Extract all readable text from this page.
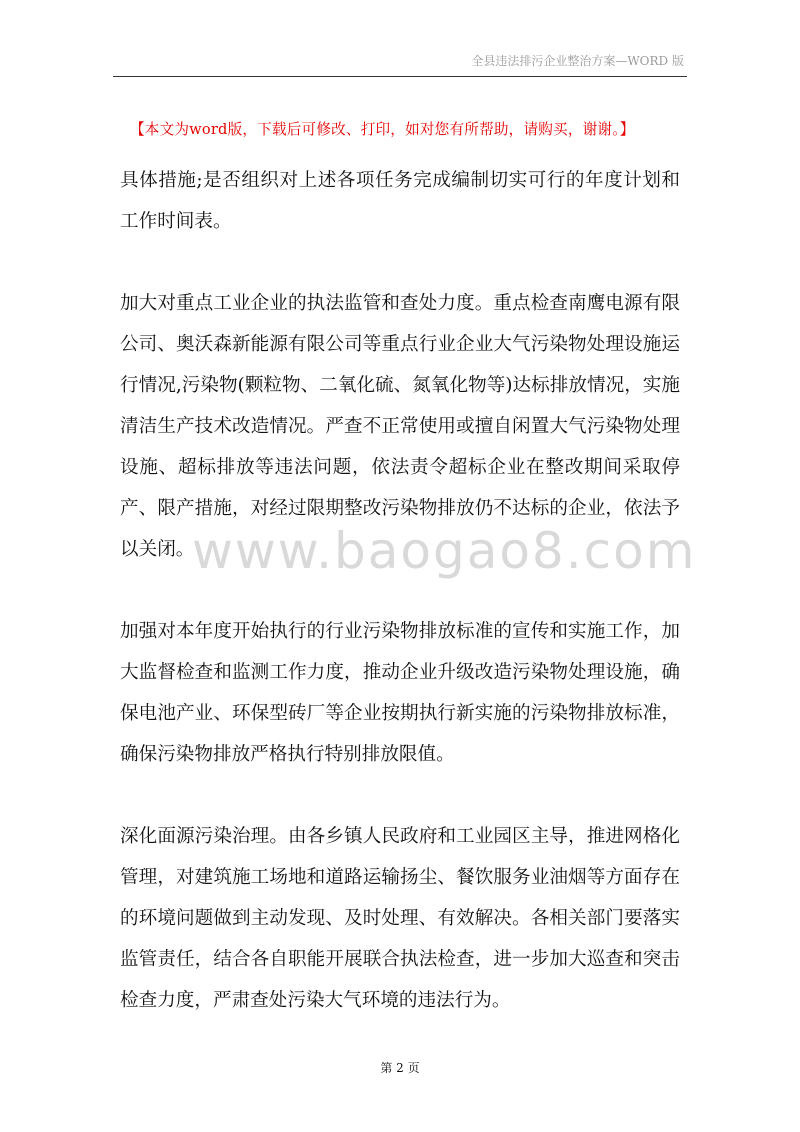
全县违法排污企业整治方案—WORD 版
【本文为word版，下载后可修改、打印，如对您有所帮助，请购买，谢谢。】
www.baogao8.com

具体措施;是否组织对上述各项任务完成编制切实可行的年度计划和工作时间表。

加大对重点工业企业的执法监管和查处力度。重点检查南鹰电源有限公司、奥沃森新能源有限公司等重点行业企业大气污染物处理设施运行情况,污染物(颗粒物、二氧化硫、氮氧化物等)达标排放情况，实施清洁生产技术改造情况。严查不正常使用或擅自闲置大气污染物处理设施、超标排放等违法问题，依法责令超标企业在整改期间采取停产、限产措施，对经过限期整改污染物排放仍不达标的企业，依法予以关闭。

加强对本年度开始执行的行业污染物排放标准的宣传和实施工作，加大监督检查和监测工作力度，推动企业升级改造污染物处理设施，确保电池产业、环保型砖厂等企业按期执行新实施的污染物排放标准，确保污染物排放严格执行特别排放限值。

深化面源污染治理。由各乡镇人民政府和工业园区主导，推进网格化管理，对建筑施工场地和道路运输扬尘、餐饮服务业油烟等方面存在的环境问题做到主动发现、及时处理、有效解决。各相关部门要落实监管责任，结合各自职能开展联合执法检查，进一步加大巡查和突击检查力度，严肃查处污染大气环境的违法行为。

第 2 页
